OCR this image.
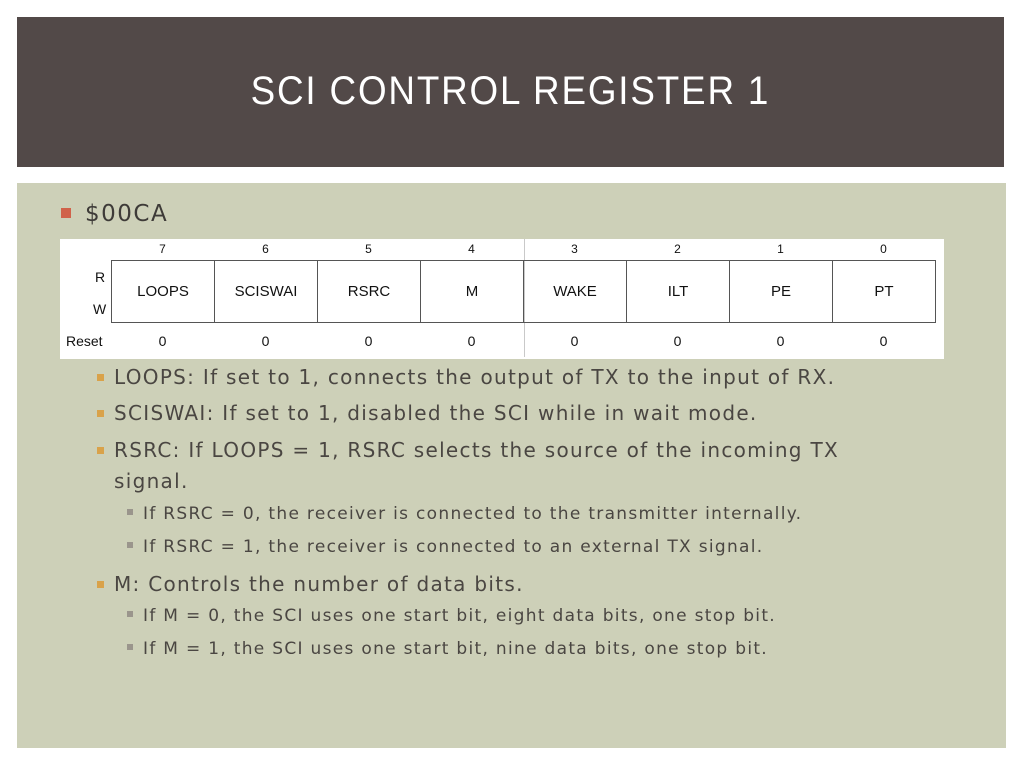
SCI CONTROL REGISTER 1
$00CA
7	6	5	4	3	2	1	0
R
W
LOOPS	SCISWAI	RSRC	M	WAKE	ILT	PE	PT
Reset	0	0	0	0	0	0	0	0
LOOPS: If set to 1, connects the output of TX to the input of RX.
SCISWAI: If set to 1, disabled the SCI while in wait mode.
RSRC: If LOOPS = 1, RSRC selects the source of the incoming TX signal.
If RSRC = 0, the receiver is connected to the transmitter internally.
If RSRC = 1, the receiver is connected to an external TX signal.
M: Controls the number of data bits.
If M = 0, the SCI uses one start bit, eight data bits, one stop bit.
If M = 1, the SCI uses one start bit, nine data bits, one stop bit.
